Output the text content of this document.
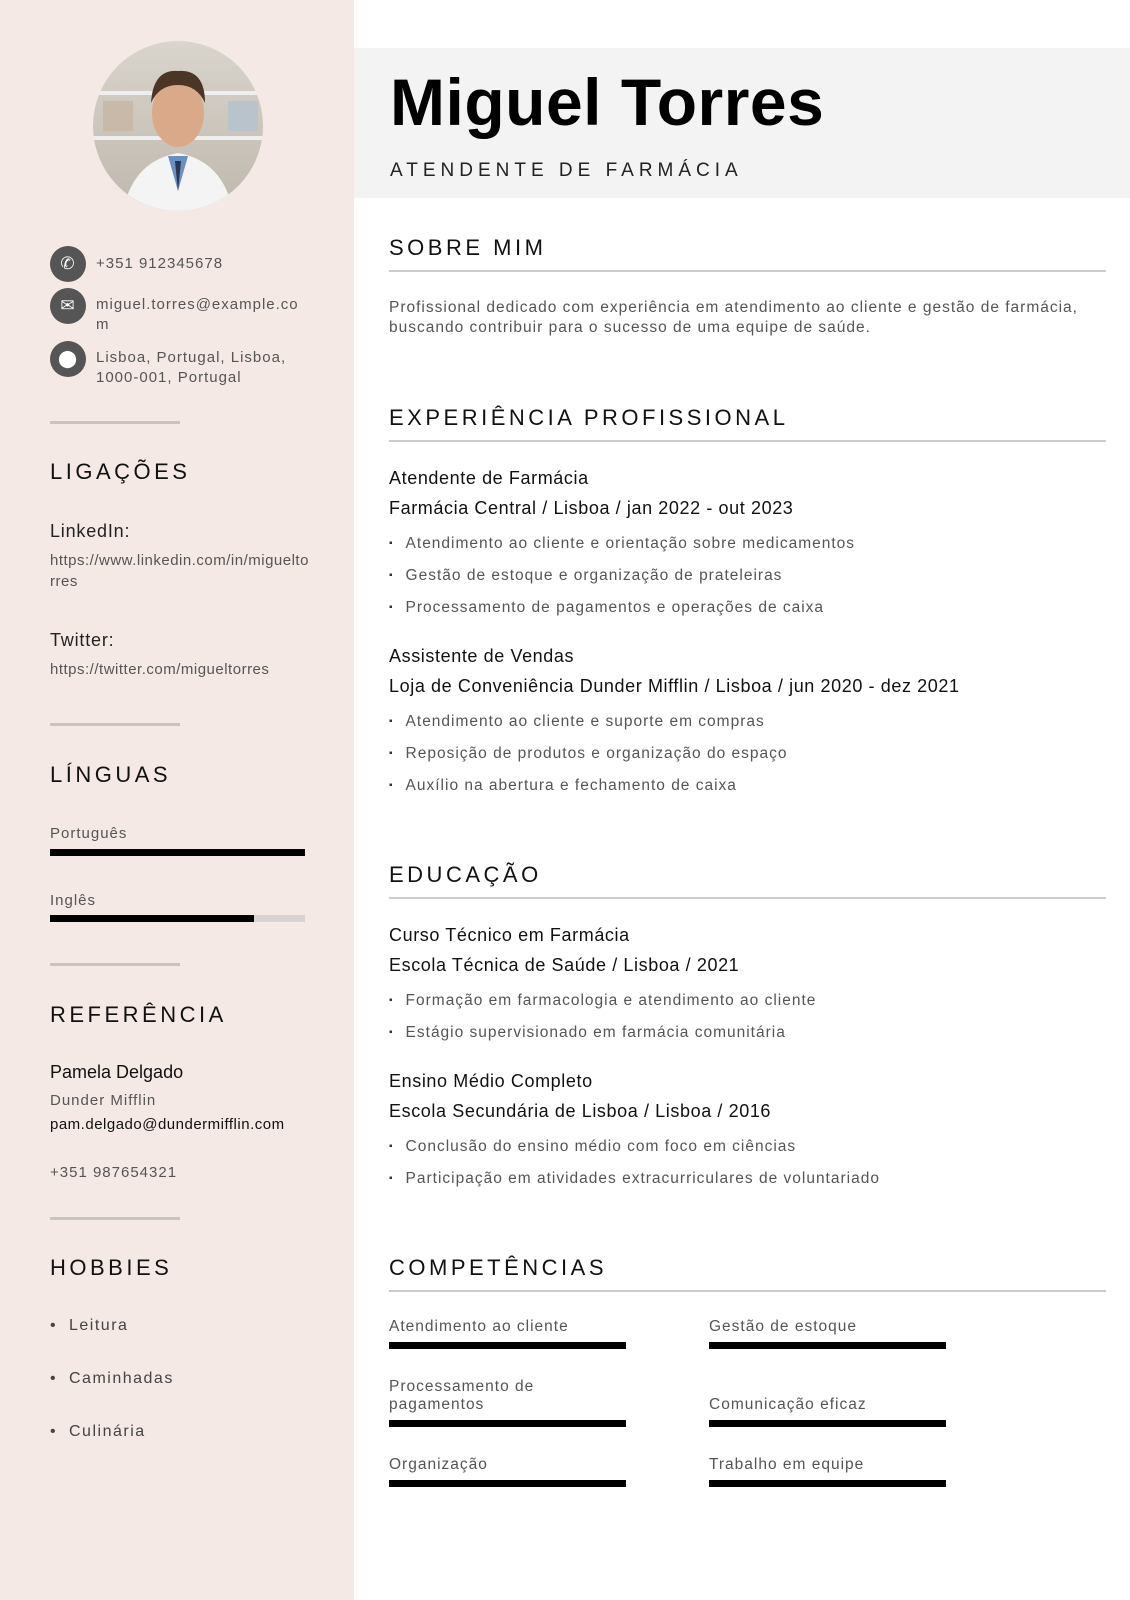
✆	+351 912345678
✉	miguel.torres@example.com
⬤	Lisboa, Portugal, Lisboa, 1000-001, Portugal
LIGAÇÕES
LinkedIn:
https://www.linkedin.com/in/migueltorres
Twitter:
https://twitter.com/migueltorres
LÍNGUAS
Português
Inglês
REFERÊNCIA
Pamela Delgado
Dunder Mifflin
pam.delgado@dundermifflin.com
+351 987654321
HOBBIES
•  Leitura
•  Caminhadas
•  Culinária
Miguel Torres
ATENDENTE DE FARMÁCIA
SOBRE MIM
Profissional dedicado com experiência em atendimento ao cliente e gestão de farmácia, buscando contribuir para o sucesso de uma equipe de saúde.
EXPERIÊNCIA PROFISSIONAL
Atendente de Farmácia
Farmácia Central / Lisboa / jan 2022 - out 2023
▪ Atendimento ao cliente e orientação sobre medicamentos
▪ Gestão de estoque e organização de prateleiras
▪ Processamento de pagamentos e operações de caixa
Assistente de Vendas
Loja de Conveniência Dunder Mifflin / Lisboa / jun 2020 - dez 2021
▪ Atendimento ao cliente e suporte em compras
▪ Reposição de produtos e organização do espaço
▪ Auxílio na abertura e fechamento de caixa
EDUCAÇÃO
Curso Técnico em Farmácia
Escola Técnica de Saúde / Lisboa / 2021
▪ Formação em farmacologia e atendimento ao cliente
▪ Estágio supervisionado em farmácia comunitária
Ensino Médio Completo
Escola Secundária de Lisboa / Lisboa / 2016
▪ Conclusão do ensino médio com foco em ciências
▪ Participação em atividades extracurriculares de voluntariado
COMPETÊNCIAS
Atendimento ao cliente	Gestão de estoque
Processamento de pagamentos	Comunicação eficaz
Organização	Trabalho em equipe
